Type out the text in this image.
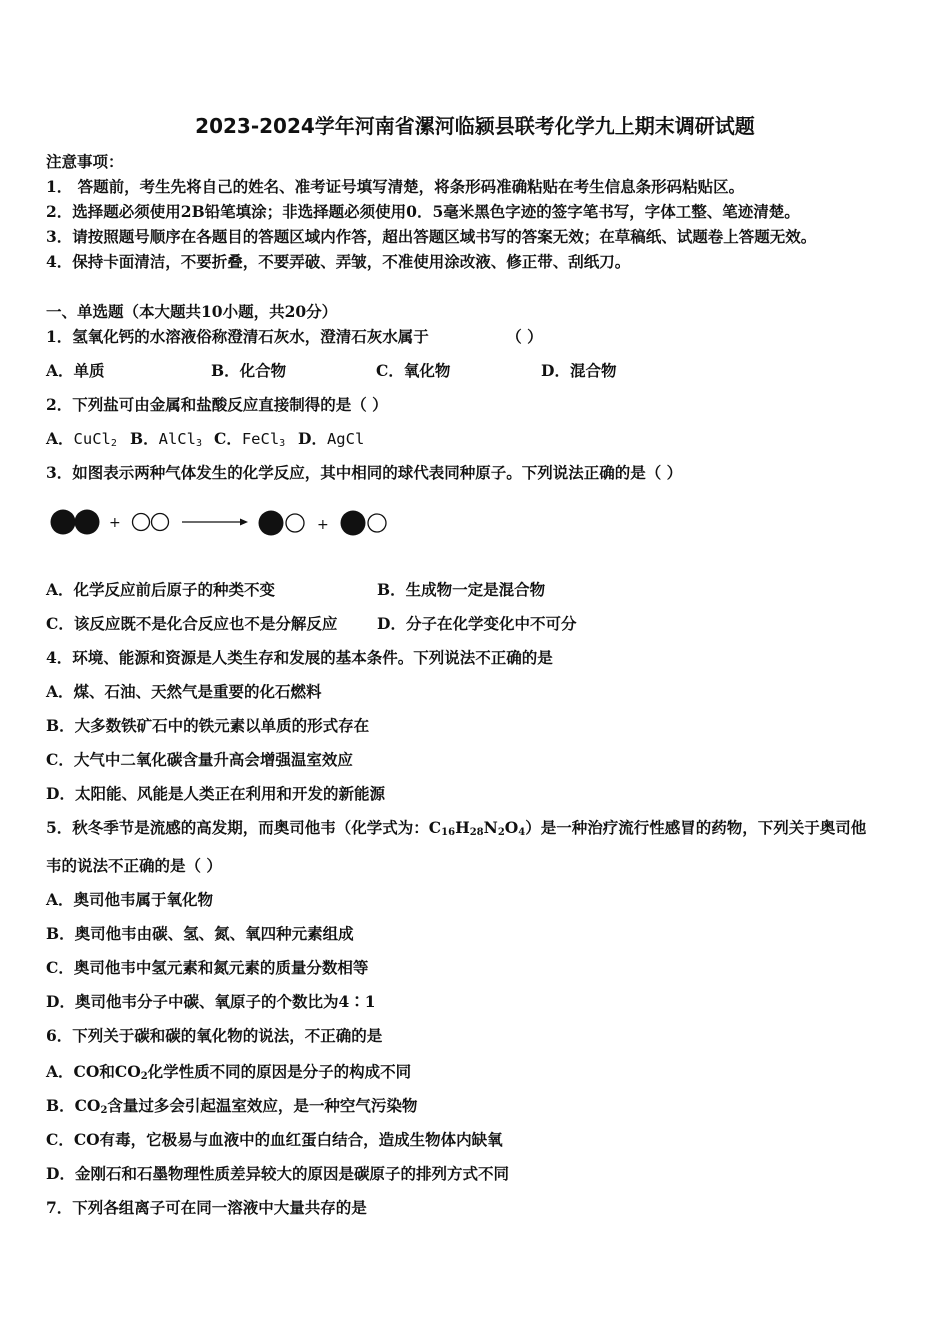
2023-2024学年河南省漯河临颍县联考化学九上期末调研试题
注意事项：
1． 答题前，考生先将自己的姓名、准考证号填写清楚，将条形码准确粘贴在考生信息条形码粘贴区。
2．选择题必须使用2B铅笔填涂；非选择题必须使用0．5毫米黑色字迹的签字笔书写，字体工整、笔迹清楚。
3．请按照题号顺序在各题目的答题区域内作答，超出答题区域书写的答案无效；在草稿纸、试题卷上答题无效。
4．保持卡面清洁，不要折叠，不要弄破、弄皱，不准使用涂改液、修正带、刮纸刀。
一、单选题（本大题共10小题，共20分）
1．氢氧化钙的水溶液俗称澄清石灰水，澄清石灰水属于	（ ）
A．单质	B．化合物	C．氧化物	D．混合物
2．下列盐可由金属和盐酸反应直接制得的是（ ）
A．CuCl$_2$ B．AlCl$_3$ C．FeCl$_3$ D．AgCl
3．如图表示两种气体发生的化学反应，其中相同的球代表同种原子。下列说法正确的是（ ）
+	+
A．化学反应前后原子的种类不变	B．生成物一定是混合物
C．该反应既不是化合反应也不是分解反应	D．分子在化学变化中不可分
4．环境、能源和资源是人类生存和发展的基本条件。下列说法不正确的是
A．煤、石油、天然气是重要的化石燃料
B．大多数铁矿石中的铁元素以单质的形式存在
C．大气中二氧化碳含量升高会增强温室效应
D．太阳能、风能是人类正在利用和开发的新能源
5．秋冬季节是流感的高发期，而奥司他韦（化学式为：$C_{16}H_{28}N_2O_4$）是一种治疗流行性感冒的药物，下列关于奥司他
韦的说法不正确的是（ ）
A．奥司他韦属于氧化物
B．奥司他韦由碳、氢、氮、氧四种元素组成
C．奥司他韦中氢元素和氮元素的质量分数相等
D．奥司他韦分子中碳、氧原子的个数比为4∶1
6．下列关于碳和碳的氧化物的说法，不正确的是
A．CO和$CO_2$化学性质不同的原因是分子的构成不同
B．$CO_2$含量过多会引起温室效应，是一种空气污染物
C．CO有毒，它极易与血液中的血红蛋白结合，造成生物体内缺氧
D．金刚石和石墨物理性质差异较大的原因是碳原子的排列方式不同
7．下列各组离子可在同一溶液中大量共存的是
